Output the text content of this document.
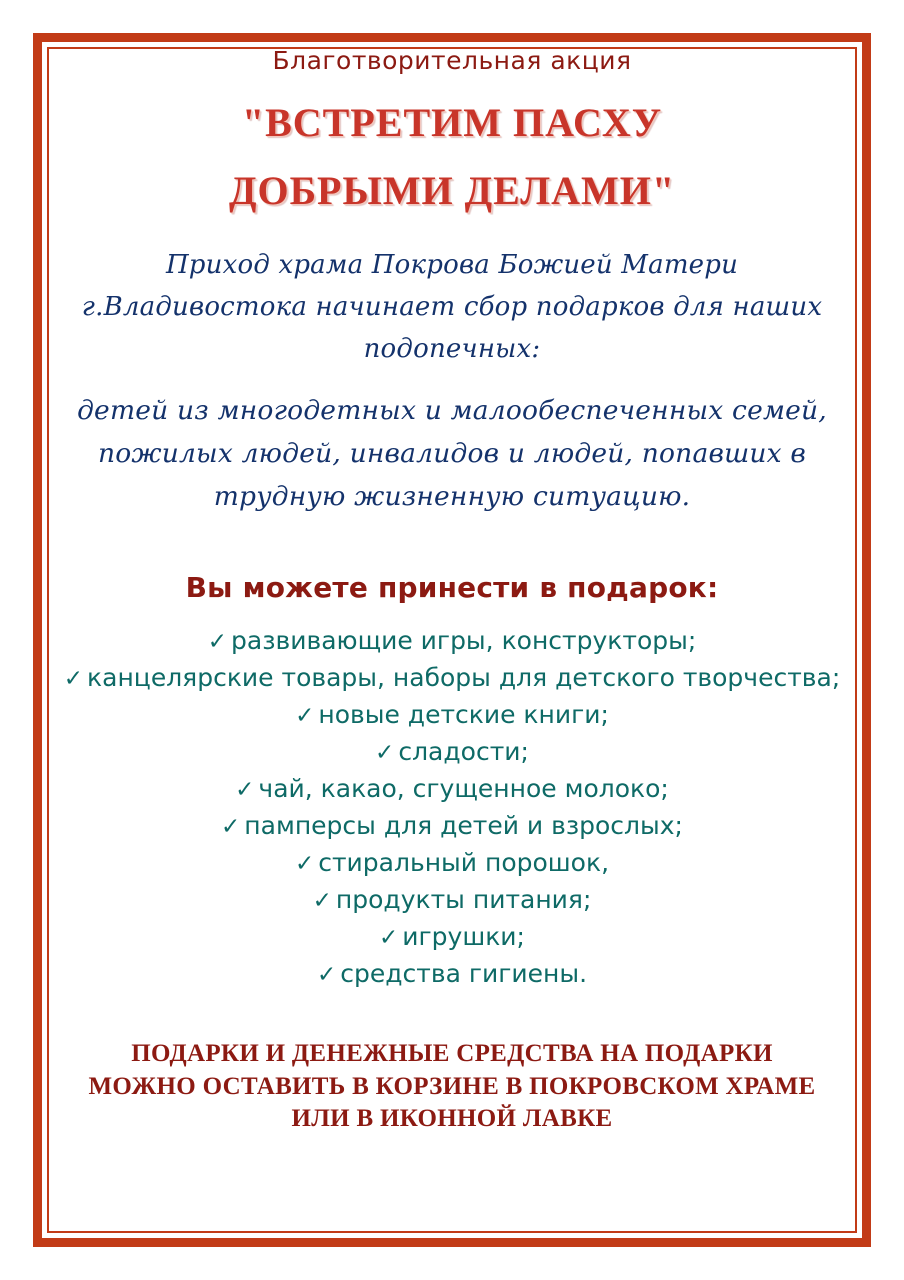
Благотворительная акция

"ВСТРЕТИМ ПАСХУ
ДОБРЫМИ ДЕЛАМИ"
Приход храма Покрова Божией Матери
г.Владивостока начинает сбор подарков для наших
подопечных:
детей из многодетных и малообеспеченных семей,
пожилых людей, инвалидов и людей, попавших в
трудную жизненную ситуацию.
Вы можете принести в подарок:
✓ развивающие игры, конструкторы;
✓ канцелярские товары, наборы для детского творчества;
✓ новые детские книги;
✓ сладости;
✓ чай, какао, сгущенное молоко;
✓ памперсы для детей и взрослых;
✓ стиральный порошок,
✓ продукты питания;
✓ игрушки;
✓ средства гигиены.
ПОДАРКИ И ДЕНЕЖНЫЕ СРЕДСТВА НА ПОДАРКИ
МОЖНО ОСТАВИТЬ В КОРЗИНЕ В ПОКРОВСКОМ ХРАМЕ
ИЛИ В ИКОННОЙ ЛАВКЕ
